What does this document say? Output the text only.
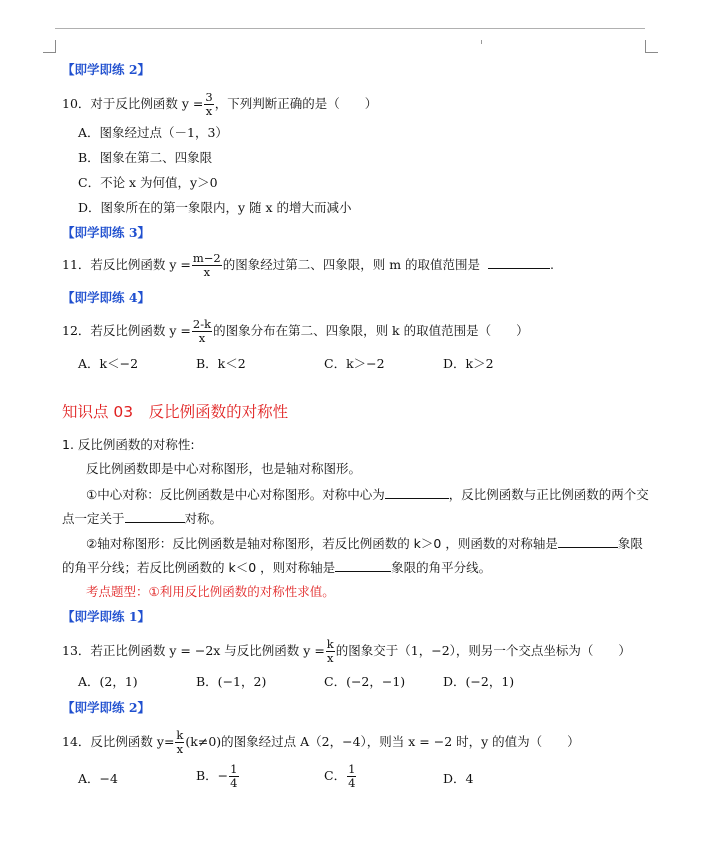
【即学即练 2】
10．对于反比例函数 $y = \frac{3}{x}$ ，下列判断正确的是（　　）
A．图象经过点（－1，3）
B．图象在第二、四象限
C．不论 x 为何值，y＞0
D．图象所在的第一象限内，y 随 x 的增大而减小
【即学即练 3】
11．若反比例函数 $y = \frac{m-2}{x}$ 的图象经过第二、四象限，则 m 的取值范围是	.
【即学即练 4】
12．若反比例函数 $y = \frac{2-k}{x}$ 的图象分布在第二、四象限，则 k 的取值范围是（　　）
A．k＜−2	B．k＜2	C．k＞−2	D．k＞2
知识点 03　反比例函数的对称性
1. 反比例函数的对称性:
反比例函数即是中心对称图形，也是轴对称图形。
①中心对称：反比例函数是中心对称图形。对称中心为	，反比例函数与正比例函数的两个交
点一定关于	对称。
②轴对称图形：反比例函数是轴对称图形，若反比例函数的 k＞0 ，则函数的对称轴是	象限
的角平分线；若反比例函数的 k＜0 ，则对称轴是	象限的角平分线。
考点题型：①利用反比例函数的对称性求值。
【即学即练 1】
13．若正比例函数 y = −2x 与反比例函数 $y = \frac{k}{x}$ 的图象交于（1，−2），则另一个交点坐标为（　　）
A．(2，1)	B．(−1，2)	C．(−2，−1)	D．(−2，1)
【即学即练 2】
14．反比例函数 $y= \frac{k}{x} (k\ne 0)$的图象经过点 A（2，−4），则当 x = −2 时，y 的值为（　　）
A．−4	B．− $\frac{1}{4}$	C． $\frac{1}{4}$	D．4
